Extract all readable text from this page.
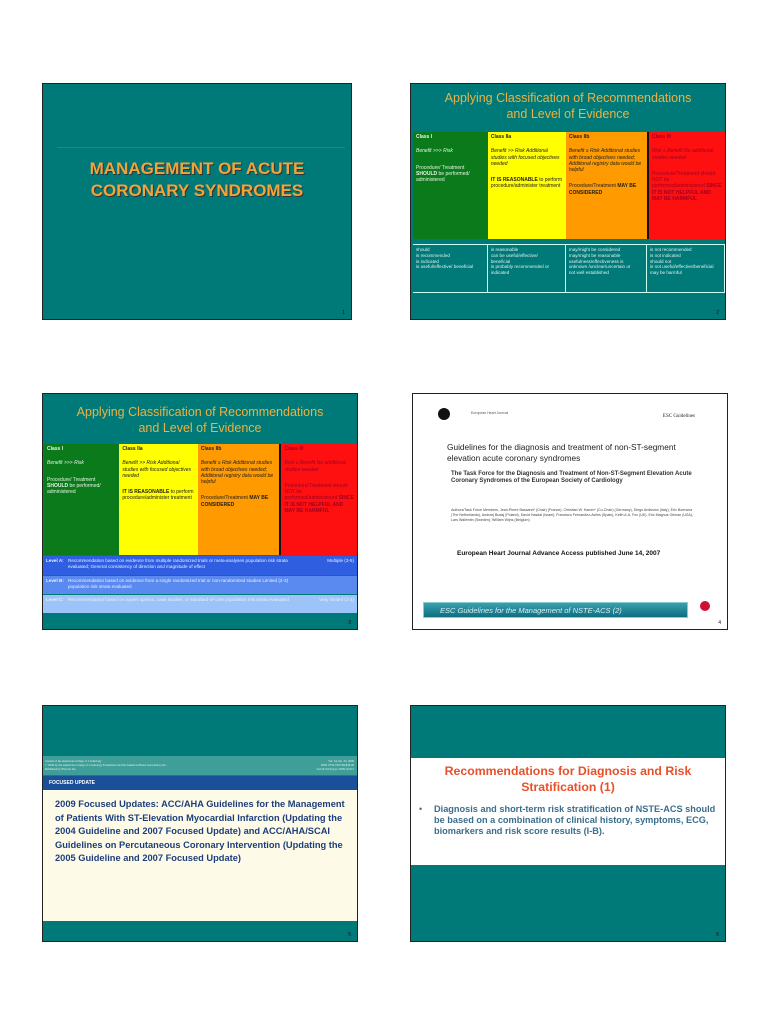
MANAGEMENT OF ACUTE
CORONARY SYNDROMES
1
Applying Classification of Recommendations
and Level of Evidence
Class I
Benefit >>> Risk
Procedure/ Treatment SHOULD be performed/ administered
Class IIa
Benefit >> Risk Additional studies with focused objectives needed
IT IS REASONABLE to perform procedure/administer treatment
Class IIb
Benefit ≥ Risk Additional studies with broad objectives needed; Additional registry data would be helpful
Procedure/Treatment MAY BE CONSIDERED
Class III
Risk ≥ Benefit No additional studies needed
Procedure/Treatment should NOT be performed/administered SINCE IT IS NOT HELPFUL AND MAY BE HARMFUL
should
is recommended
is indicated
is useful/effective/ beneficial
is reasonable
can be useful/effective/
beneficial
is probably recommended or
indicated
may/might be considered
may/might be reasonable
usefulness/effectiveness is
unknown /unclear/uncertain or
not well established
is not recommended
is not indicated
should not
is not useful/effective/beneficial
may be harmful
2
Applying Classification of Recommendations
and Level of Evidence
Class I
Benefit >>> Risk
Procedure/ Treatment SHOULD be performed/ administered
Class IIa
Benefit >> Risk Additional studies with focused objectives needed
IT IS REASONABLE to perform procedure/administer treatment
Class IIb
Benefit ≥ Risk Additional studies with broad objectives needed; Additional registry data would be helpful
Procedure/Treatment MAY BE CONSIDERED
Class III
Risk ≥ Benefit No additional studies needed
Procedure/Treatment should NOT be performed/administered SINCE IT IS NOT HELPFUL AND MAY BE HARMFUL
Level A: Recommendation based on evidence from multiple randomized trials or meta-analyses population risk strata evaluated; General consistency of direction and magnitude of effect
Multiple (3-5)
Level B: Recommendation based on evidence from a single randomized trial or non-randomized studies Limited (2-3) population risk strata evaluated
Level C: Recommendation based on expert opinion, case studies, or standard-of-care population risk strata evaluated	Very limited (1-2)
3
European Heart Journal
ESC Guidelines
Guidelines for the diagnosis and treatment of non-ST-segment elevation acute coronary syndromes
The Task Force for the Diagnosis and Treatment of Non-ST-Segment Elevation Acute Coronary Syndromes of the European Society of Cardiology
Authors/Task Force Members, Jean-Pierre Bassand* (Chair) (France), Christian W. Hamm* (Co-Chair) (Germany), Diego Ardissino (Italy), Eric Boersma (The Netherlands), Andrzej Budaj (Poland), David Hasdai (Israel), Francisco Fernandez-Aviles (Spain), Keith A.A. Fox (UK), Eric Magnus Ohman (USA), Lars Wallentin (Sweden), William Wijns (Belgium)
European Heart Journal Advance Access published June 14, 2007
ESC Guidelines for the Management of NSTE-ACS (2)
4
Journal of the American College of Cardiology
© 2009 by the American College of Cardiology Foundation and the American Heart Association, Inc.
Published by Elsevier Inc.
Vol. 54, No. 23, 2009
ISSN 0735-1097/09/$36.00
doi:10.1016/j.jacc.2009.10.015
FOCUSED UPDATE
2009 Focused Updates: ACC/AHA Guidelines for the Management of Patients With ST-Elevation Myocardial Infarction (Updating the 2004 Guideline and 2007 Focused Update) and ACC/AHA/SCAI Guidelines on Percutaneous Coronary Intervention (Updating the 2005 Guideline and 2007 Focused Update)
5
Recommendations for Diagnosis and Risk Stratification (1)
• Diagnosis and short-term risk stratification of NSTE-ACS should be based on a combination of clinical history, symptoms, ECG, biomarkers and risk score results (I-B).
6
